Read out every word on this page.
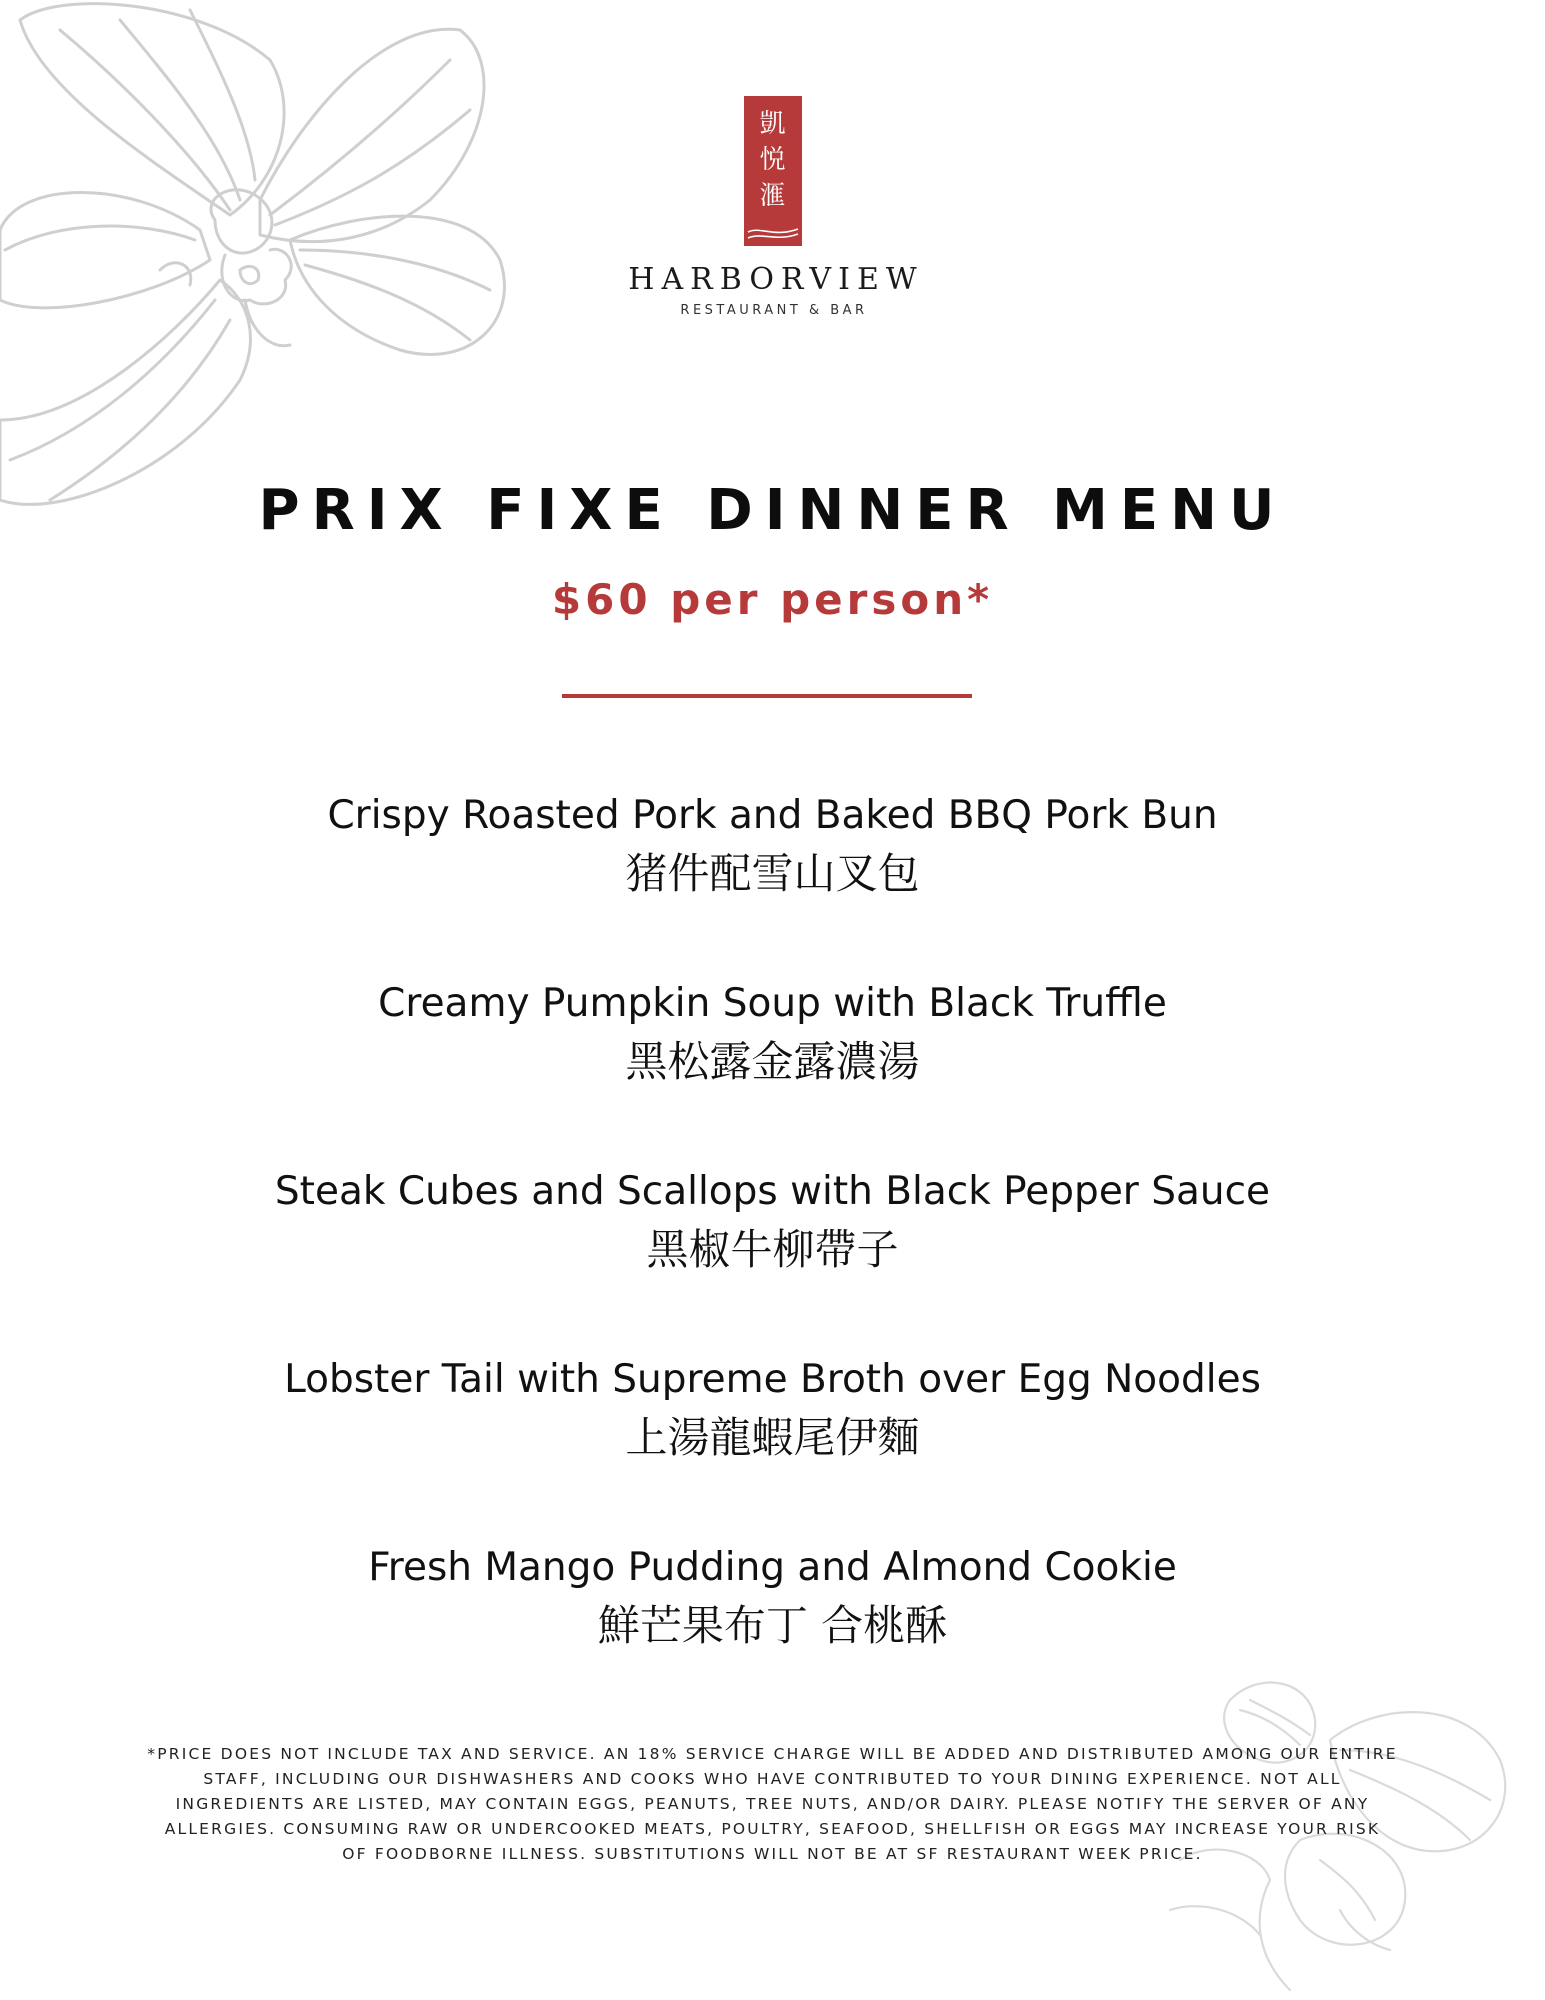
凱
悦
滙
HARBORVIEW
RESTAURANT & BAR
PRIX FIXE DINNER MENU
$60 per person*
Crispy Roasted Pork and Baked BBQ Pork Bun
猪件配雪山叉包
Creamy Pumpkin Soup with Black Truffle
黑松露金露濃湯
Steak Cubes and Scallops with Black Pepper Sauce
黑椒牛柳帶子
Lobster Tail with Supreme Broth over Egg Noodles
上湯龍蝦尾伊麵
Fresh Mango Pudding and Almond Cookie
鮮芒果布丁 合桃酥
*PRICE DOES NOT INCLUDE TAX AND SERVICE. AN 18% SERVICE CHARGE WILL BE ADDED AND DISTRIBUTED AMONG OUR ENTIRE
STAFF, INCLUDING OUR DISHWASHERS AND COOKS WHO HAVE CONTRIBUTED TO YOUR DINING EXPERIENCE. NOT ALL
INGREDIENTS ARE LISTED, MAY CONTAIN EGGS, PEANUTS, TREE NUTS, AND/OR DAIRY. PLEASE NOTIFY THE SERVER OF ANY
ALLERGIES. CONSUMING RAW OR UNDERCOOKED MEATS, POULTRY, SEAFOOD, SHELLFISH OR EGGS MAY INCREASE YOUR RISK
OF FOODBORNE ILLNESS. SUBSTITUTIONS WILL NOT BE AT SF RESTAURANT WEEK PRICE.
